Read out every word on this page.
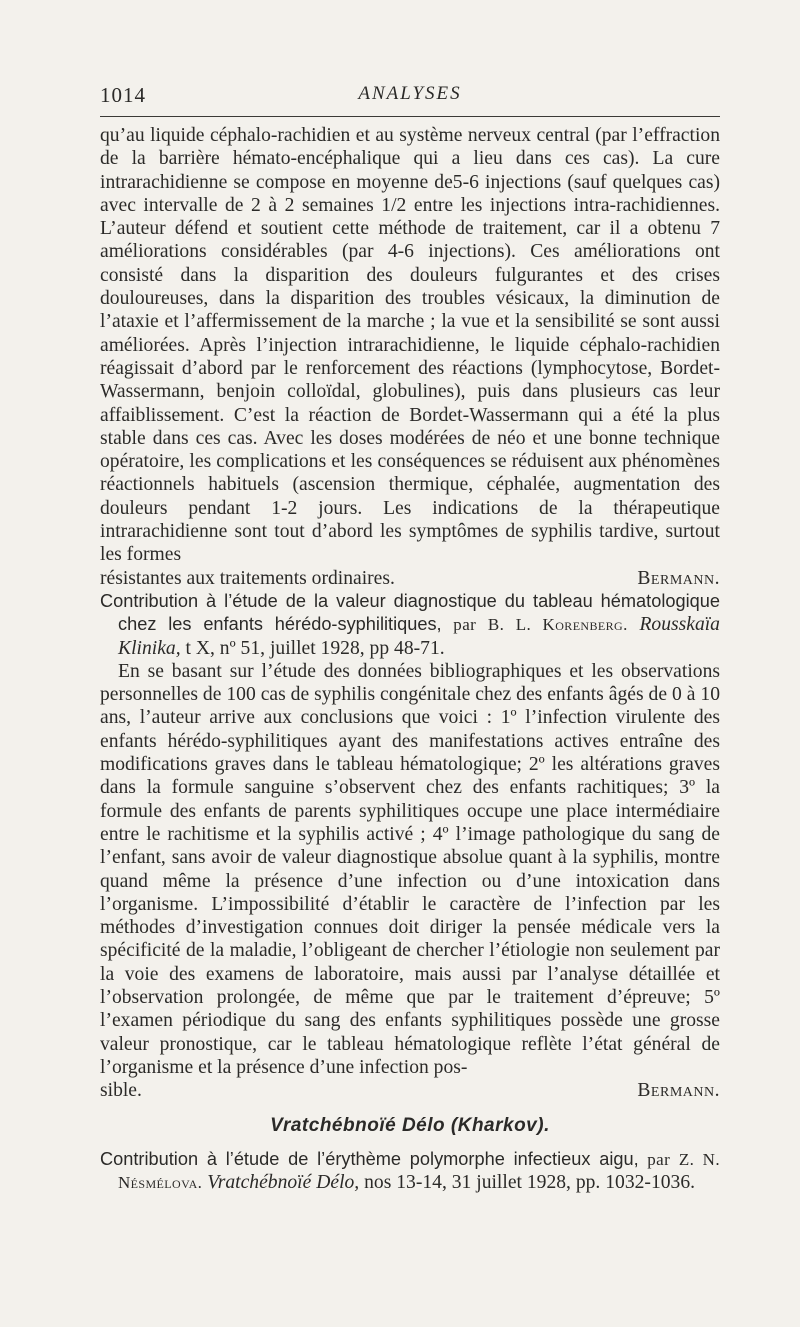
1014	ANALYSES

qu’au liquide céphalo-rachidien et au système nerveux central (par l’effraction de la barrière hémato-encéphalique qui a lieu dans ces cas). La cure intrarachidienne se compose en moyenne de5-6 injections (sauf quelques cas) avec intervalle de 2 à 2 semaines 1/2 entre les injections intra-rachidiennes. L’auteur défend et soutient cette méthode de traitement, car il a obtenu 7 améliorations considérables (par 4-6 injections). Ces améliorations ont consisté dans la disparition des douleurs fulgurantes et des crises douloureuses, dans la disparition des troubles vésicaux, la diminution de l’ataxie et l’affermissement de la marche ; la vue et la sensibilité se sont aussi améliorées. Après l’injection intrarachidienne, le liquide céphalo-rachidien réagissait d’abord par le renforcement des réactions (lymphocytose, Bordet-Wassermann, benjoin colloïdal, globulines), puis dans plusieurs cas leur affaiblissement. C’est la réaction de Bordet-Wassermann qui a été la plus stable dans ces cas. Avec les doses modérées de néo et une bonne technique opératoire, les complications et les conséquences se réduisent aux phénomènes réactionnels habituels (ascension thermique, céphalée, augmentation des douleurs pendant 1-2 jours. Les indications de la thérapeutique intrarachidienne sont tout d’abord les symptômes de syphilis tardive, surtout les formes

résistantes aux traitements ordinaires.	Bermann.

Contribution à l’étude de la valeur diagnostique du tableau hématologique chez les enfants hérédo-syphilitiques, par B. L. Korenberg. Rousskaïa Klinika, t X, nº 51, juillet 1928, pp 48-71.

En se basant sur l’étude des données bibliographiques et les observations personnelles de 100 cas de syphilis congénitale chez des enfants âgés de 0 à 10 ans, l’auteur arrive aux conclusions que voici : 1º l’infection virulente des enfants hérédo-syphilitiques ayant des manifestations actives entraîne des modifications graves dans le tableau hématologique; 2º les altérations graves dans la formule sanguine s’observent chez des enfants rachitiques; 3º la formule des enfants de parents syphilitiques occupe une place intermédiaire entre le rachitisme et la syphilis activé ; 4º l’image pathologique du sang de l’enfant, sans avoir de valeur diagnostique absolue quant à la syphilis, montre quand même la présence d’une infection ou d’une intoxication dans l’organisme. L’impossibilité d’établir le caractère de l’infection par les méthodes d’investigation connues doit diriger la pensée médicale vers la spécificité de la maladie, l’obligeant de chercher l’étiologie non seulement par la voie des examens de laboratoire, mais aussi par l’analyse détaillée et l’observation prolongée, de même que par le traitement d’épreuve; 5º l’examen périodique du sang des enfants syphilitiques possède une grosse valeur pronostique, car le tableau hématologique reflète l’état général de l’organisme et la présence d’une infection pos-

sible.	Bermann.
Vratchébnoïé Délo (Kharkov).

Contribution à l’étude de l’érythème polymorphe infectieux aigu, par Z. N. Nésmélova. Vratchébnoïé Délo, nos 13-14, 31 juillet 1928, pp. 1032-1036.
